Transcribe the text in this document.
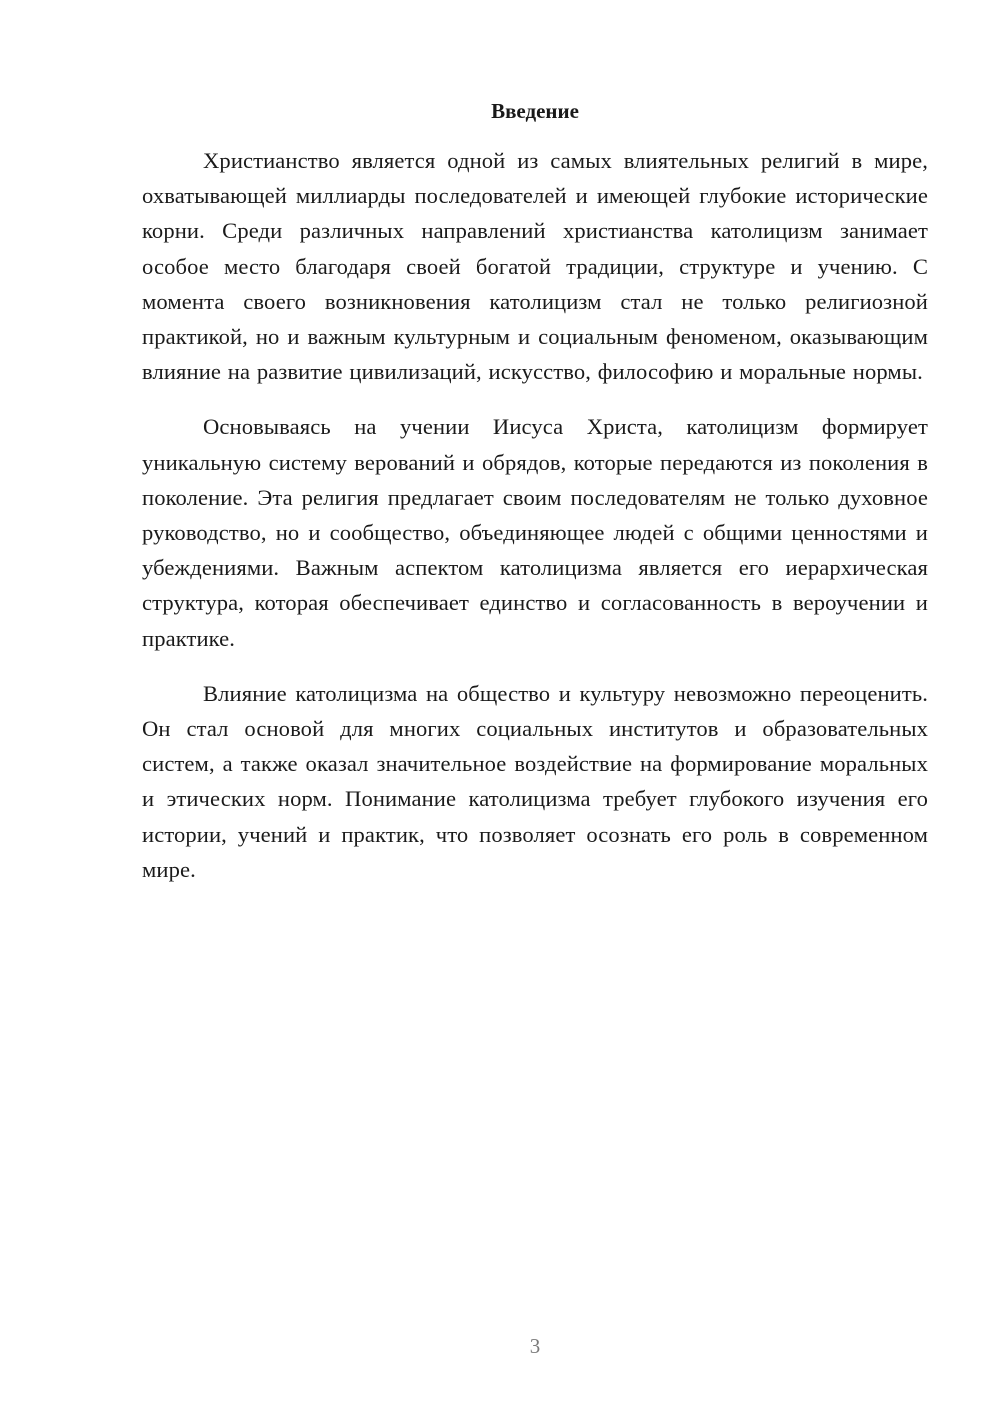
Введение

Христианство является одной из самых влиятельных религий в мире, охватывающей миллиарды последователей и имеющей глубокие исторические корни. Среди различных направлений христианства католицизм занимает особое место благодаря своей богатой традиции, структуре и учению. С момента своего возникновения католицизм стал не только религиозной практикой, но и важным культурным и социальным феноменом, оказывающим влияние на развитие цивилизаций, искусство, философию и моральные нормы.

Основываясь на учении Иисуса Христа, католицизм формирует уникальную систему верований и обрядов, которые передаются из поколения в поколение. Эта религия предлагает своим последователям не только духовное руководство, но и сообщество, объединяющее людей с общими ценностями и убеждениями. Важным аспектом католицизма является его иерархическая структура, которая обеспечивает единство и согласованность в вероучении и практике.

Влияние католицизма на общество и культуру невозможно переоценить. Он стал основой для многих социальных институтов и образовательных систем, а также оказал значительное воздействие на формирование моральных и этических норм. Понимание католицизма требует глубокого изучения его истории, учений и практик, что позволяет осознать его роль в современном мире.

3
